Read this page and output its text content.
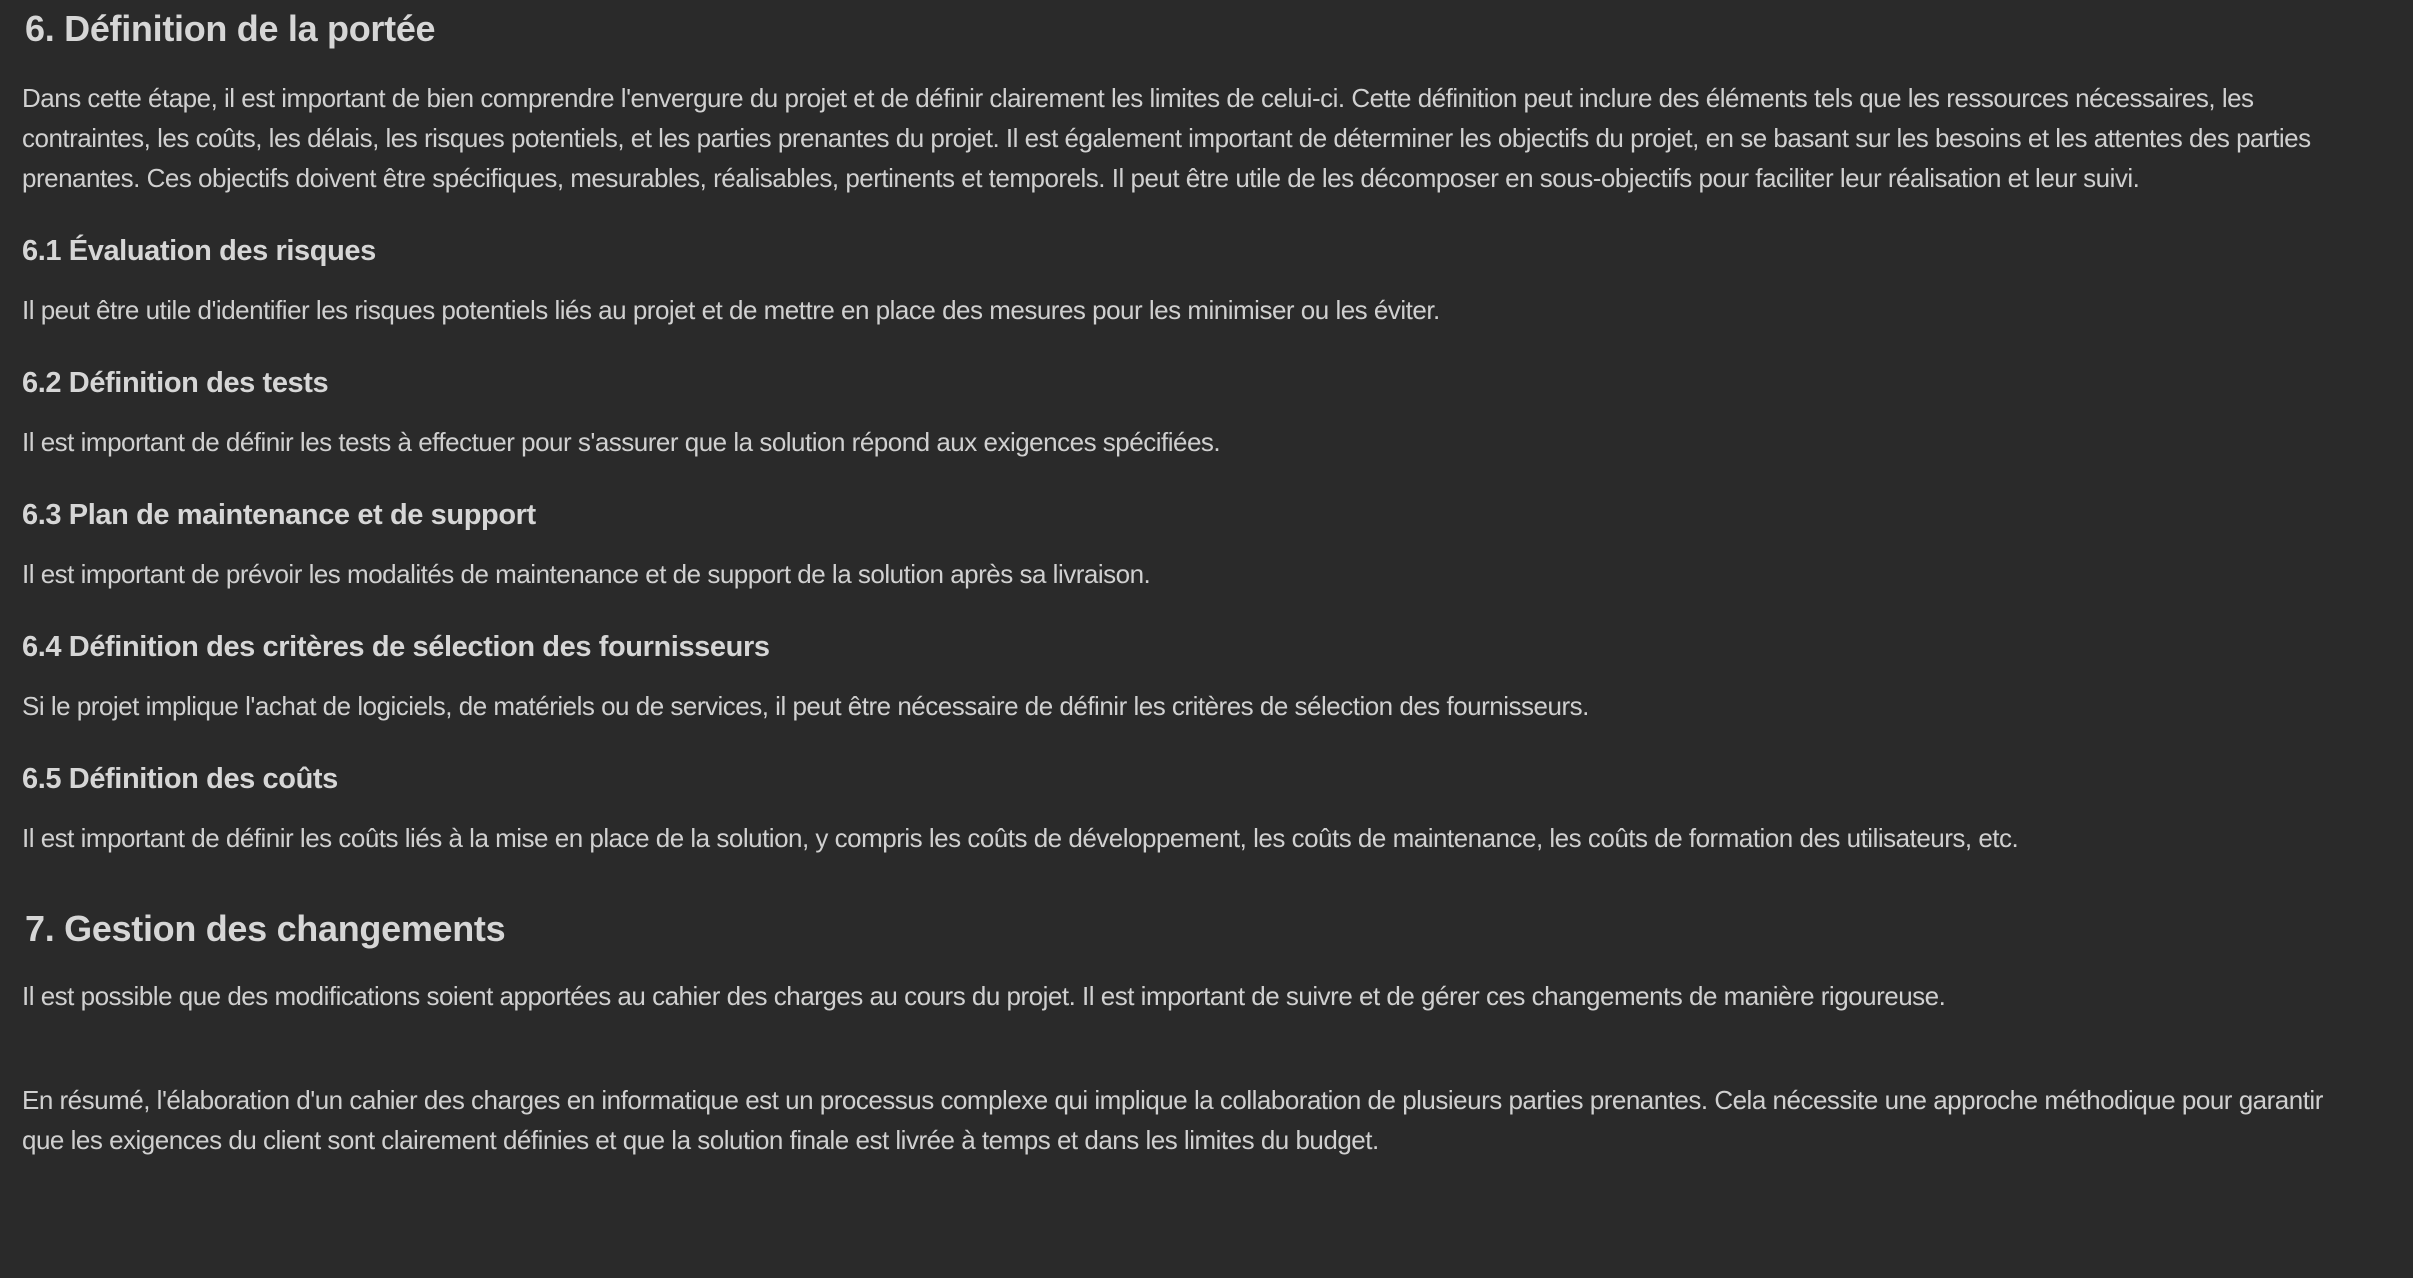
6. Définition de la portée

Dans cette étape, il est important de bien comprendre l'envergure du projet et de définir clairement les limites de celui-ci. Cette définition peut inclure des éléments tels que les ressources nécessaires, les contraintes, les coûts, les délais, les risques potentiels, et les parties prenantes du projet. Il est également important de déterminer les objectifs du projet, en se basant sur les besoins et les attentes des parties prenantes. Ces objectifs doivent être spécifiques, mesurables, réalisables, pertinents et temporels. Il peut être utile de les décomposer en sous-objectifs pour faciliter leur réalisation et leur suivi.

6.1 Évaluation des risques

Il peut être utile d'identifier les risques potentiels liés au projet et de mettre en place des mesures pour les minimiser ou les éviter.

6.2 Définition des tests

Il est important de définir les tests à effectuer pour s'assurer que la solution répond aux exigences spécifiées.

6.3 Plan de maintenance et de support

Il est important de prévoir les modalités de maintenance et de support de la solution après sa livraison.

6.4 Définition des critères de sélection des fournisseurs

Si le projet implique l'achat de logiciels, de matériels ou de services, il peut être nécessaire de définir les critères de sélection des fournisseurs.

6.5 Définition des coûts

Il est important de définir les coûts liés à la mise en place de la solution, y compris les coûts de développement, les coûts de maintenance, les coûts de formation des utilisateurs, etc.

7. Gestion des changements

Il est possible que des modifications soient apportées au cahier des charges au cours du projet. Il est important de suivre et de gérer ces changements de manière rigoureuse.

En résumé, l'élaboration d'un cahier des charges en informatique est un processus complexe qui implique la collaboration de plusieurs parties prenantes. Cela nécessite une approche méthodique pour garantir que les exigences du client sont clairement définies et que la solution finale est livrée à temps et dans les limites du budget.
